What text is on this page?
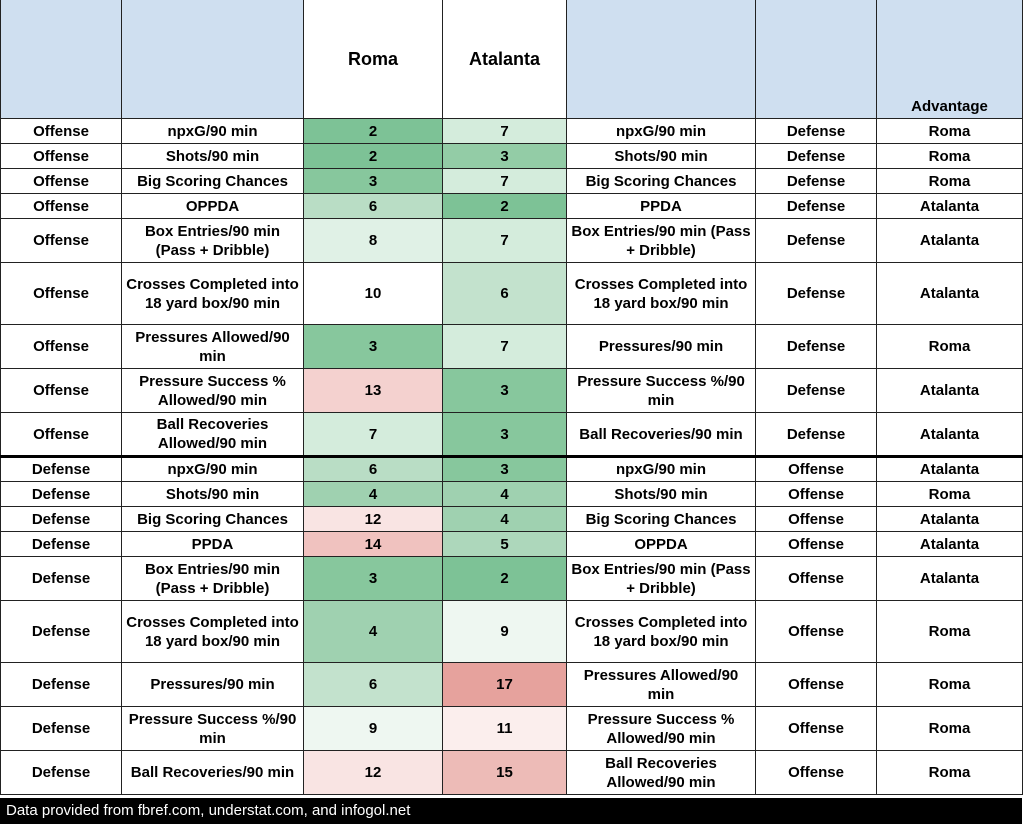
		Roma	Atalanta			Advantage
Offense	npxG/90 min	2	7	npxG/90 min	Defense	Roma
Offense	Shots/90 min	2	3	Shots/90 min	Defense	Roma
Offense	Big Scoring Chances	3	7	Big Scoring Chances	Defense	Roma
Offense	OPPDA	6	2	PPDA	Defense	Atalanta
Offense	Box Entries/90 min (Pass + Dribble)	8	7	Box Entries/90 min (Pass + Dribble)	Defense	Atalanta
Offense	Crosses Completed into 18 yard box/90 min	10	6	Crosses Completed into 18 yard box/90 min	Defense	Atalanta
Offense	Pressures Allowed/90 min	3	7	Pressures/90 min	Defense	Roma
Offense	Pressure Success % Allowed/90 min	13	3	Pressure Success %/90 min	Defense	Atalanta
Offense	Ball Recoveries Allowed/90 min	7	3	Ball Recoveries/90 min	Defense	Atalanta
Defense	npxG/90 min	6	3	npxG/90 min	Offense	Atalanta
Defense	Shots/90 min	4	4	Shots/90 min	Offense	Roma
Defense	Big Scoring Chances	12	4	Big Scoring Chances	Offense	Atalanta
Defense	PPDA	14	5	OPPDA	Offense	Atalanta
Defense	Box Entries/90 min (Pass + Dribble)	3	2	Box Entries/90 min (Pass + Dribble)	Offense	Atalanta
Defense	Crosses Completed into 18 yard box/90 min	4	9	Crosses Completed into 18 yard box/90 min	Offense	Roma
Defense	Pressures/90 min	6	17	Pressures Allowed/90 min	Offense	Roma
Defense	Pressure Success %/90 min	9	11	Pressure Success % Allowed/90 min	Offense	Roma
Defense	Ball Recoveries/90 min	12	15	Ball Recoveries Allowed/90 min	Offense	Roma
Data provided from fbref.com, understat.com, and infogol.net
